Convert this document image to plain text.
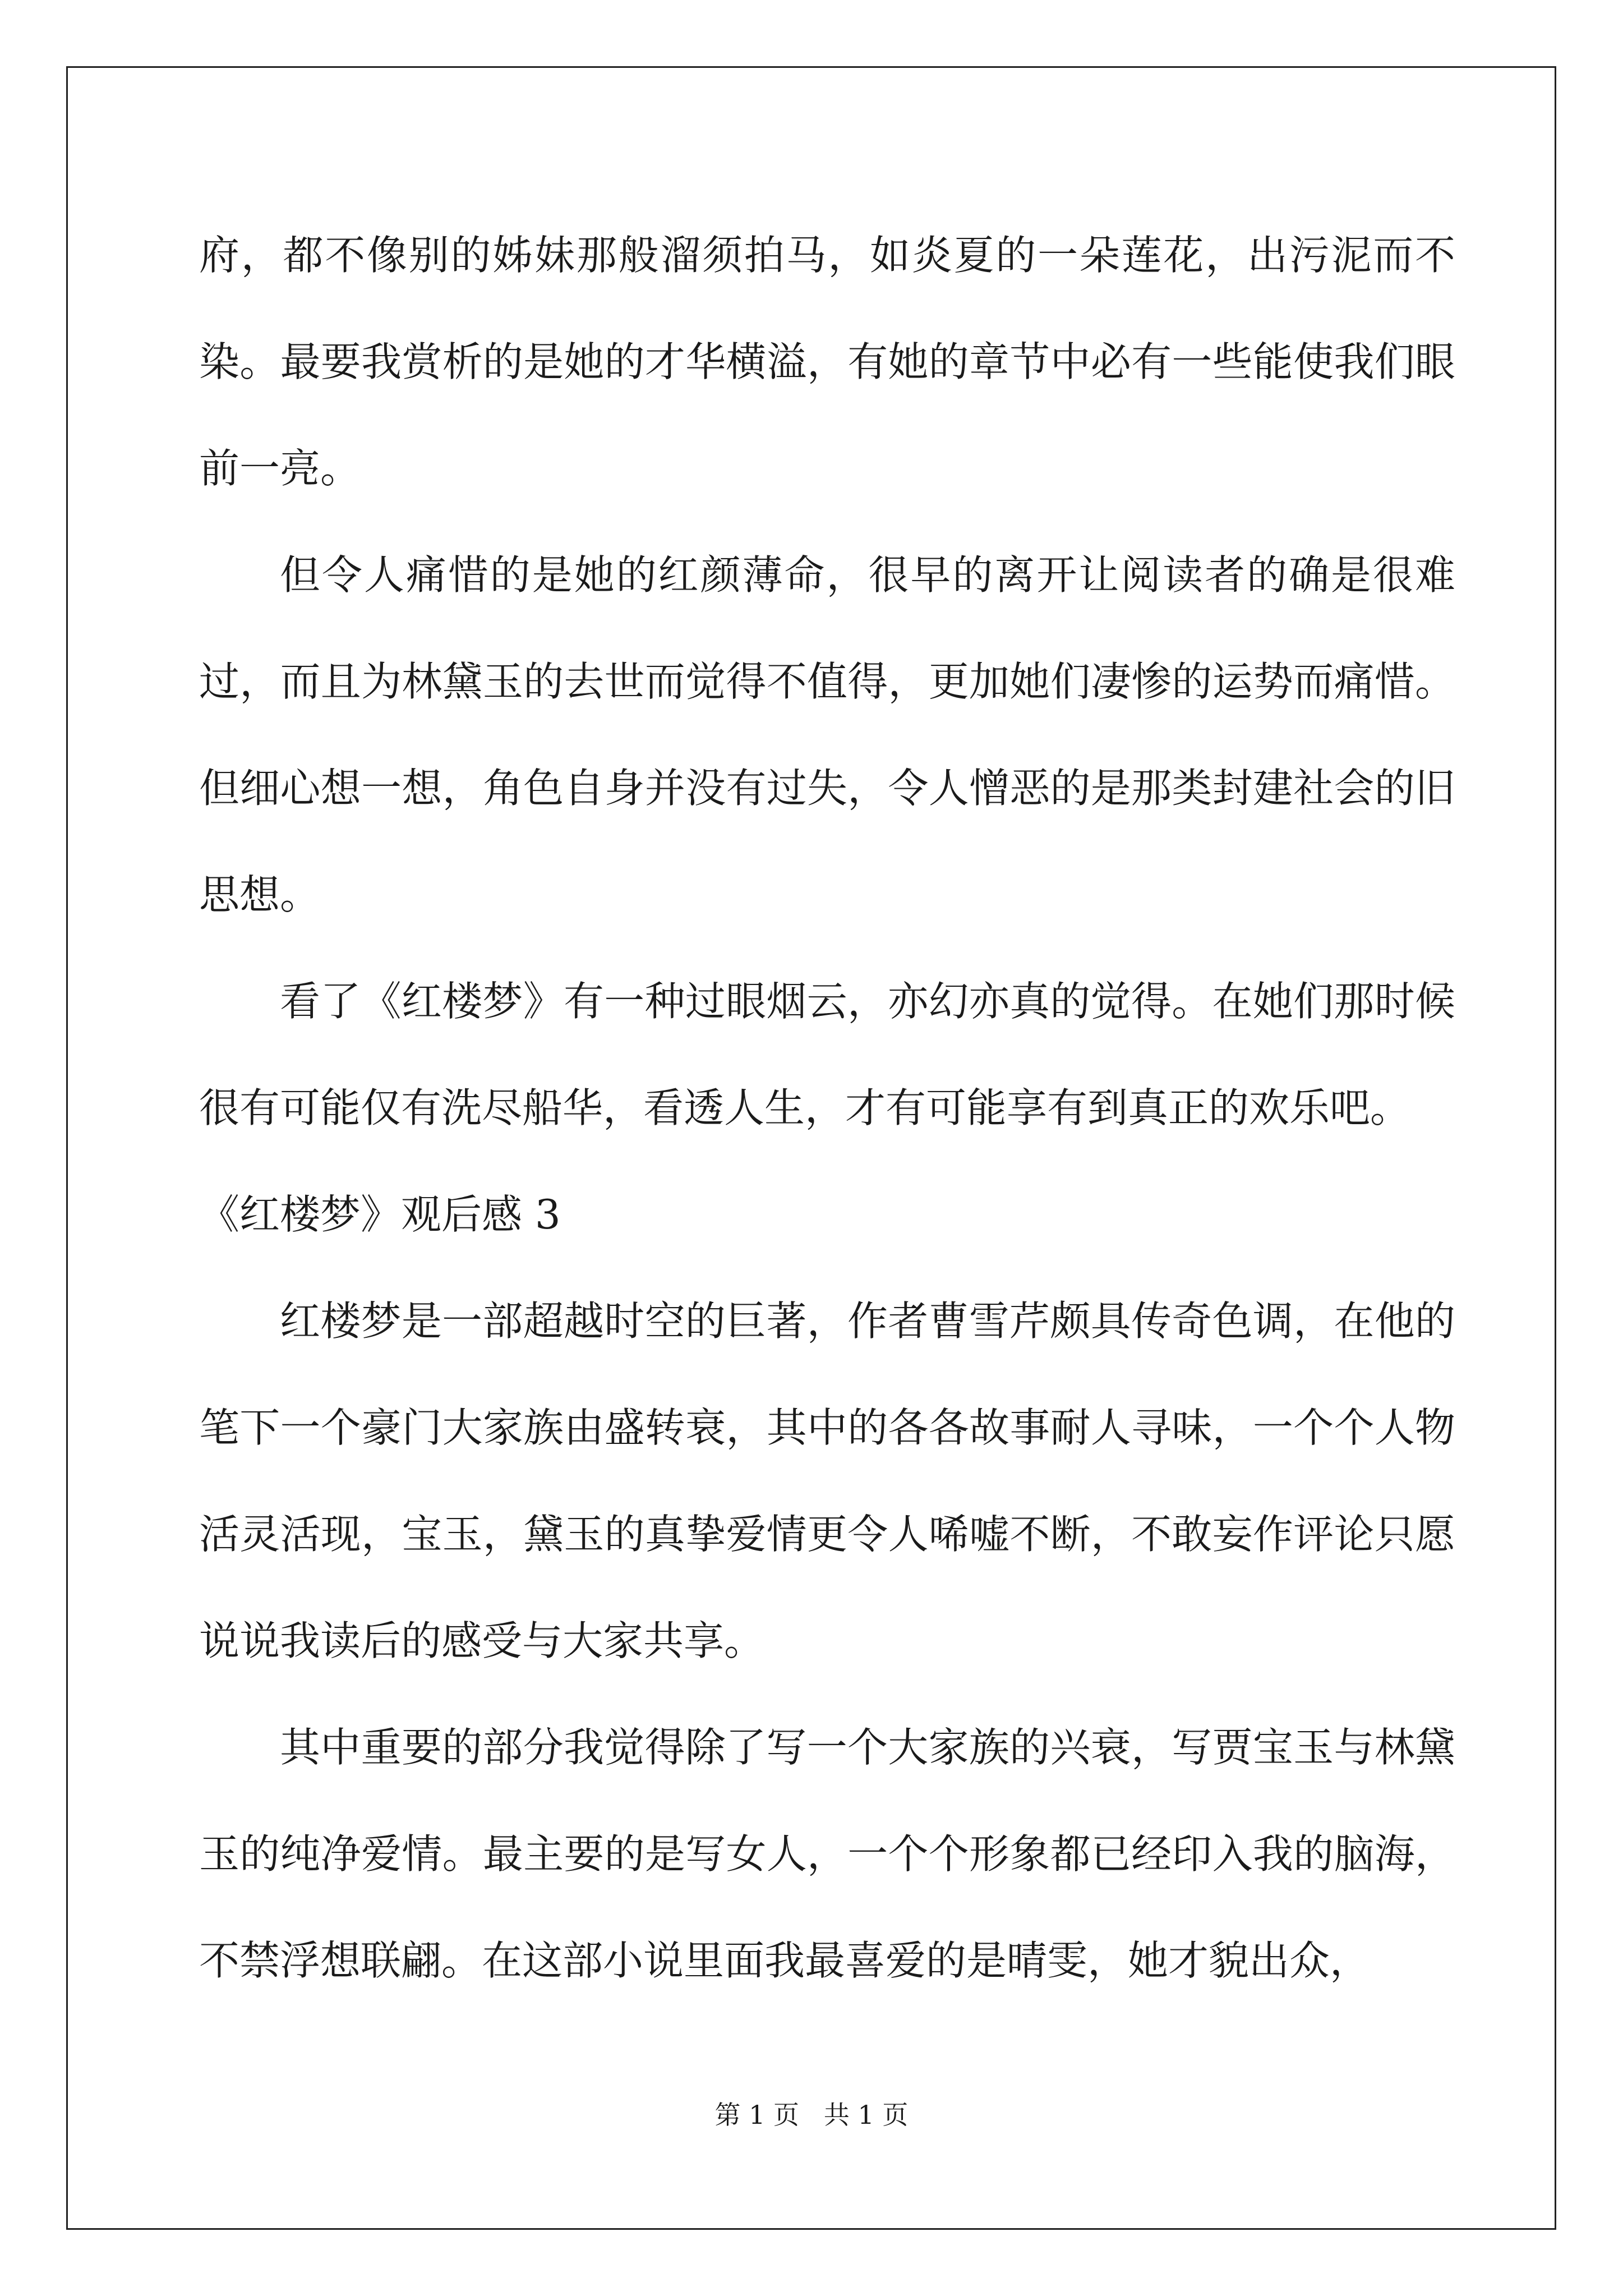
府，都不像别的姊妹那般溜须拍马，如炎夏的一朵莲花，出污泥而不染。最要我赏析的是她的才华横溢，有她的章节中必有一些能使我们眼前一亮。

但令人痛惜的是她的红颜薄命，很早的离开让阅读者的确是很难过，而且为林黛玉的去世而觉得不值得，更加她们凄惨的运势而痛惜。但细心想一想，角色自身并没有过失，令人憎恶的是那类封建社会的旧思想。

看了《红楼梦》有一种过眼烟云，亦幻亦真的觉得。在她们那时候很有可能仅有洗尽船华，看透人生，才有可能享有到真正的欢乐吧。

《红楼梦》观后感 3

红楼梦是一部超越时空的巨著，作者曹雪芹颇具传奇色调，在他的笔下一个豪门大家族由盛转衰，其中的各各故事耐人寻味，一个个人物活灵活现，宝玉，黛玉的真挚爱情更令人唏嘘不断，不敢妄作评论只愿说说我读后的感受与大家共享。

其中重要的部分我觉得除了写一个大家族的兴衰，写贾宝玉与林黛玉的纯净爱情。最主要的是写女人，一个个形象都已经印入我的脑海，不禁浮想联翩。在这部小说里面我最喜爱的是晴雯，她才貌出众，

第 1 页   共 1 页
